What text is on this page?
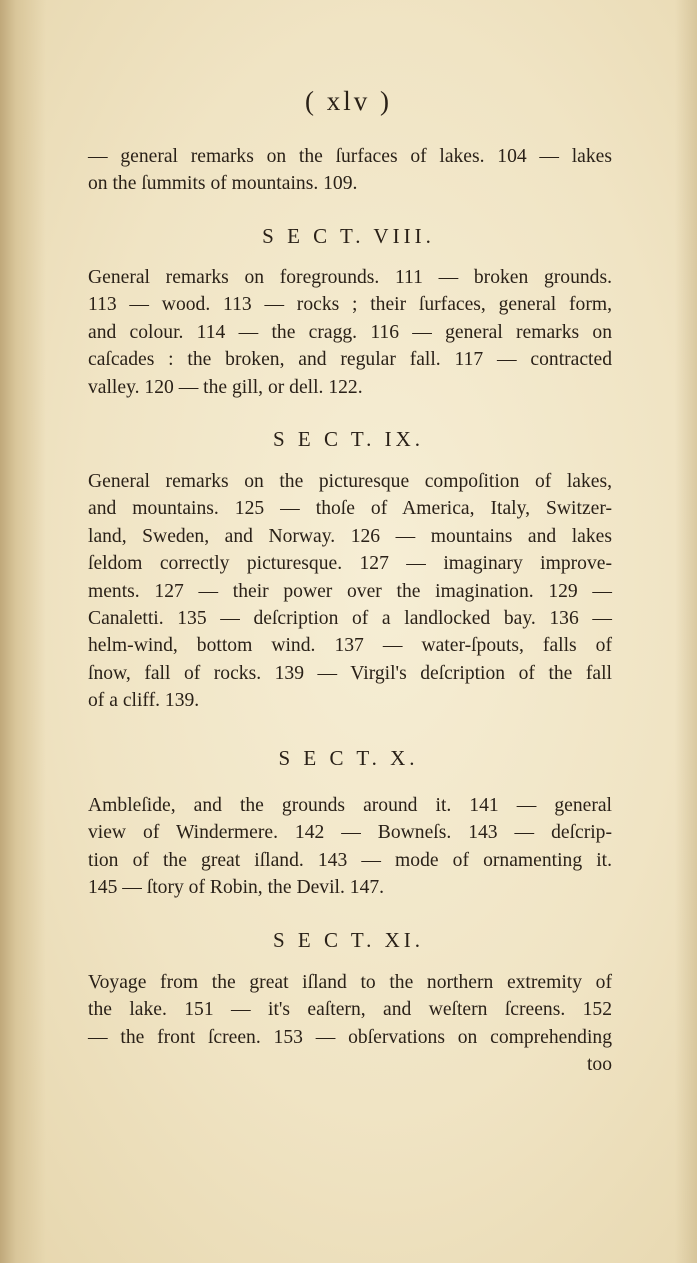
( xlv )
— general remarks on the ſurfaces of lakes. 104 — lakes
on the ſummits of mountains. 109.
S E C T. VIII.
General remarks on foregrounds. 111 — broken grounds.
113 — wood. 113 — rocks ; their ſurfaces, general form,
and colour. 114 — the cragg. 116 — general remarks on
caſcades : the broken, and regular fall. 117 — contracted
valley. 120 — the gill, or dell. 122.
S E C T. IX.
General remarks on the picturesque compoſition of lakes,
and mountains. 125 — thoſe of America, Italy, Switzer-
land, Sweden, and Norway. 126 — mountains and lakes
ſeldom correctly picturesque. 127 — imaginary improve-
ments. 127 — their power over the imagination. 129 —
Canaletti. 135 — deſcription of a landlocked bay. 136 —
helm-wind, bottom wind. 137 — water-ſpouts, falls of
ſnow, fall of rocks. 139 — Virgil's deſcription of the fall
of a cliff. 139.
S E C T. X.
Ambleſide, and the grounds around it. 141 — general
view of Windermere. 142 — Bowneſs. 143 — deſcrip-
tion of the great iſland. 143 — mode of ornamenting it.
145 — ſtory of Robin, the Devil. 147.
S E C T. XI.
Voyage from the great iſland to the northern extremity of
the lake. 151 — it's eaſtern, and weſtern ſcreens. 152
— the front ſcreen. 153 — obſervations on comprehending
too
